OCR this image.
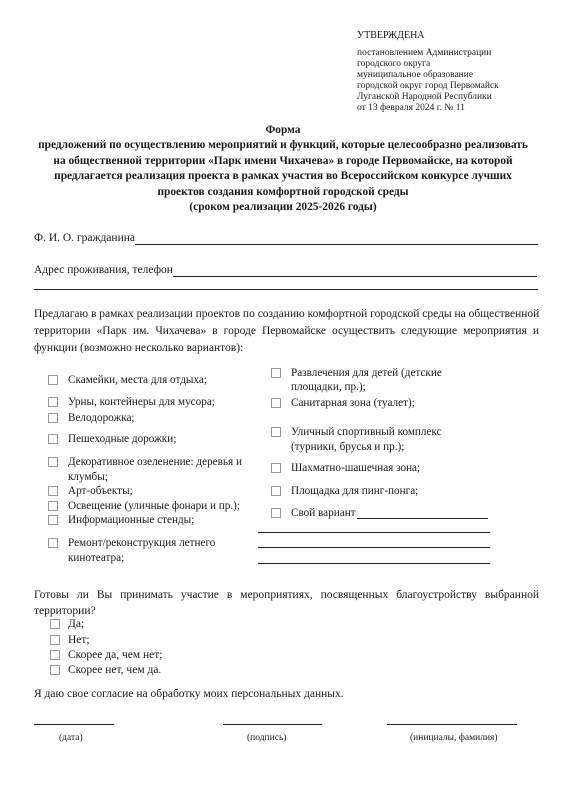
УТВЕРЖДЕНА
постановлением Администрации
городского округа
муниципальное образование
городской округ город Первомайск
Луганской Народной Республики
от 13 февраля 2024 г. № 11
Форма
предложений по осуществлению мероприятий и функций, которые целесообразно реализовать
на общественной территории «Парк имени Чихачева» в городе Первомайске, на которой
предлагается реализация проекта в рамках участия во Всероссийском конкурсе лучших
проектов создания комфортной городской среды
(сроком реализации 2025-2026 годы)
Ф. И. О. гражданина
Адрес проживания, телефон
Предлагаю в рамках реализации проектов по созданию комфортной городской среды на общественной
территории «Парк им. Чихачева» в городе Первомайске осуществить следующие мероприятия и
функции (возможно несколько вариантов):
Скамейки, места для отдыха;
Урны, контейнеры для мусора;
Велодорожка;
Пешеходные дорожки;
Декоративное озеленение: деревья и
клумбы;
Арт-объекты;
Освещение (уличные фонари и пр.);
Информационные стенды;
Ремонт/реконструкция летнего
кинотеатра;
Развлечения для детей (детские
площадки, пр.);
Санитарная зона (туалет);
Уличный спортивный комплекс
(турники, брусья и пр.);
Шахматно-шашечная зона;
Площадка для пинг-понга;
Свой вариант
Готовы ли Вы принимать участие в мероприятиях, посвященных благоустройству выбранной
территории?
Да;
Нет;
Скорее да, чем нет;
Скорее нет, чем да.
Я даю свое согласие на обработку моих персональных данных.
(дата)	(подпись)	(инициалы, фамилия)
